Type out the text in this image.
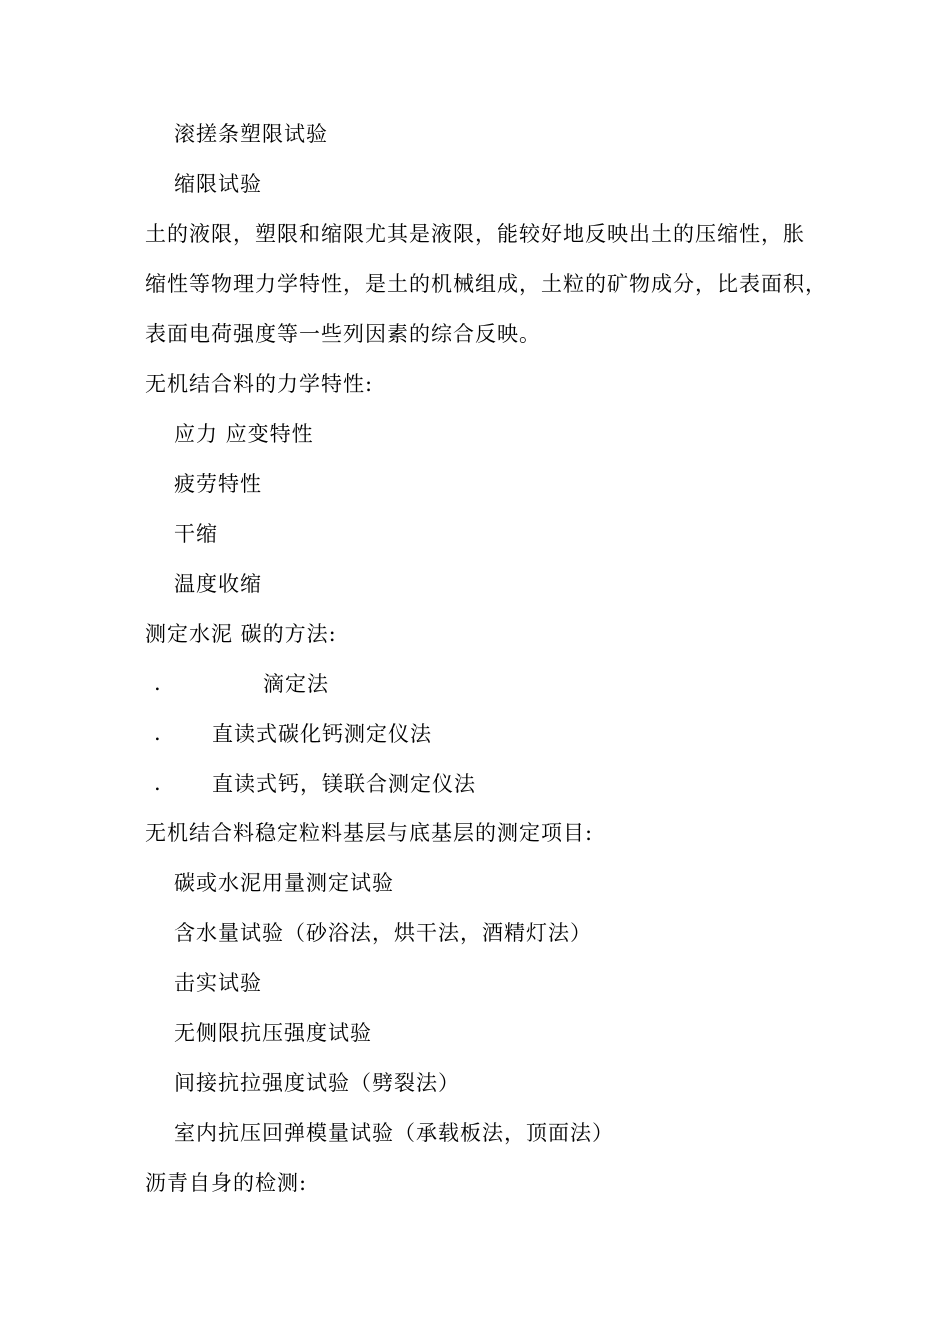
滚搓条塑限试验
缩限试验
土的液限，塑限和缩限尤其是液限，能较好地反映出土的压缩性，胀
缩性等物理力学特性，是土的机械组成，土粒的矿物成分，比表面积，
表面电荷强度等一些列因素的综合反映。
无机结合料的力学特性:
应力 应变特性
疲劳特性
干缩
温度收缩
测定水泥 碳的方法:
.	滴定法
. 直读式碳化钙测定仪法
. 直读式钙，镁联合测定仪法
无机结合料稳定粒料基层与底基层的测定项目:
碳或水泥用量测定试验
含水量试验（砂浴法，烘干法，酒精灯法）
击实试验
无侧限抗压强度试验
间接抗拉强度试验（劈裂法）
室内抗压回弹模量试验（承载板法，顶面法）
沥青自身的检测:
